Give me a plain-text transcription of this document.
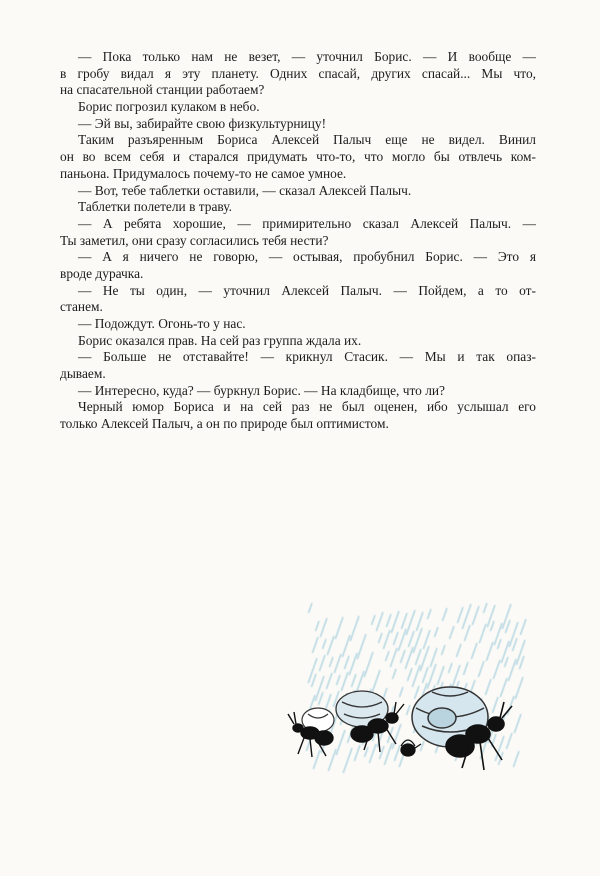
— Пока только нам не везет, — уточнил Борис. — И вообще —
в гробу видал я эту планету. Одних спасай, других спасай... Мы что,
на спасательной станции работаем?
Борис погрозил кулаком в небо.
— Эй вы, забирайте свою физкультурницу!
Таким разъяренным Бориса Алексей Палыч еще не видел. Винил
он во всем себя и старался придумать что-то, что могло бы отвлечь ком-
паньона. Придумалось почему-то не самое умное.
— Вот, тебе таблетки оставили, — сказал Алексей Палыч.
Таблетки полетели в траву.
— А ребята хорошие, — примирительно сказал Алексей Палыч. —
Ты заметил, они сразу согласились тебя нести?
— А я ничего не говорю, — остывая, пробубнил Борис. — Это я
вроде дурачка.
— Не ты один, — уточнил Алексей Палыч. — Пойдем, а то от-
станем.
— Подождут. Огонь-то у нас.
Борис оказался прав. На сей раз группа ждала их.
— Больше не отставайте! — крикнул Стасик. — Мы и так опаз-
дываем.
— Интересно, куда? — буркнул Борис. — На кладбище, что ли?
Черный юмор Бориса и на сей раз не был оценен, ибо услышал его
только Алексей Палыч, а он по природе был оптимистом.
